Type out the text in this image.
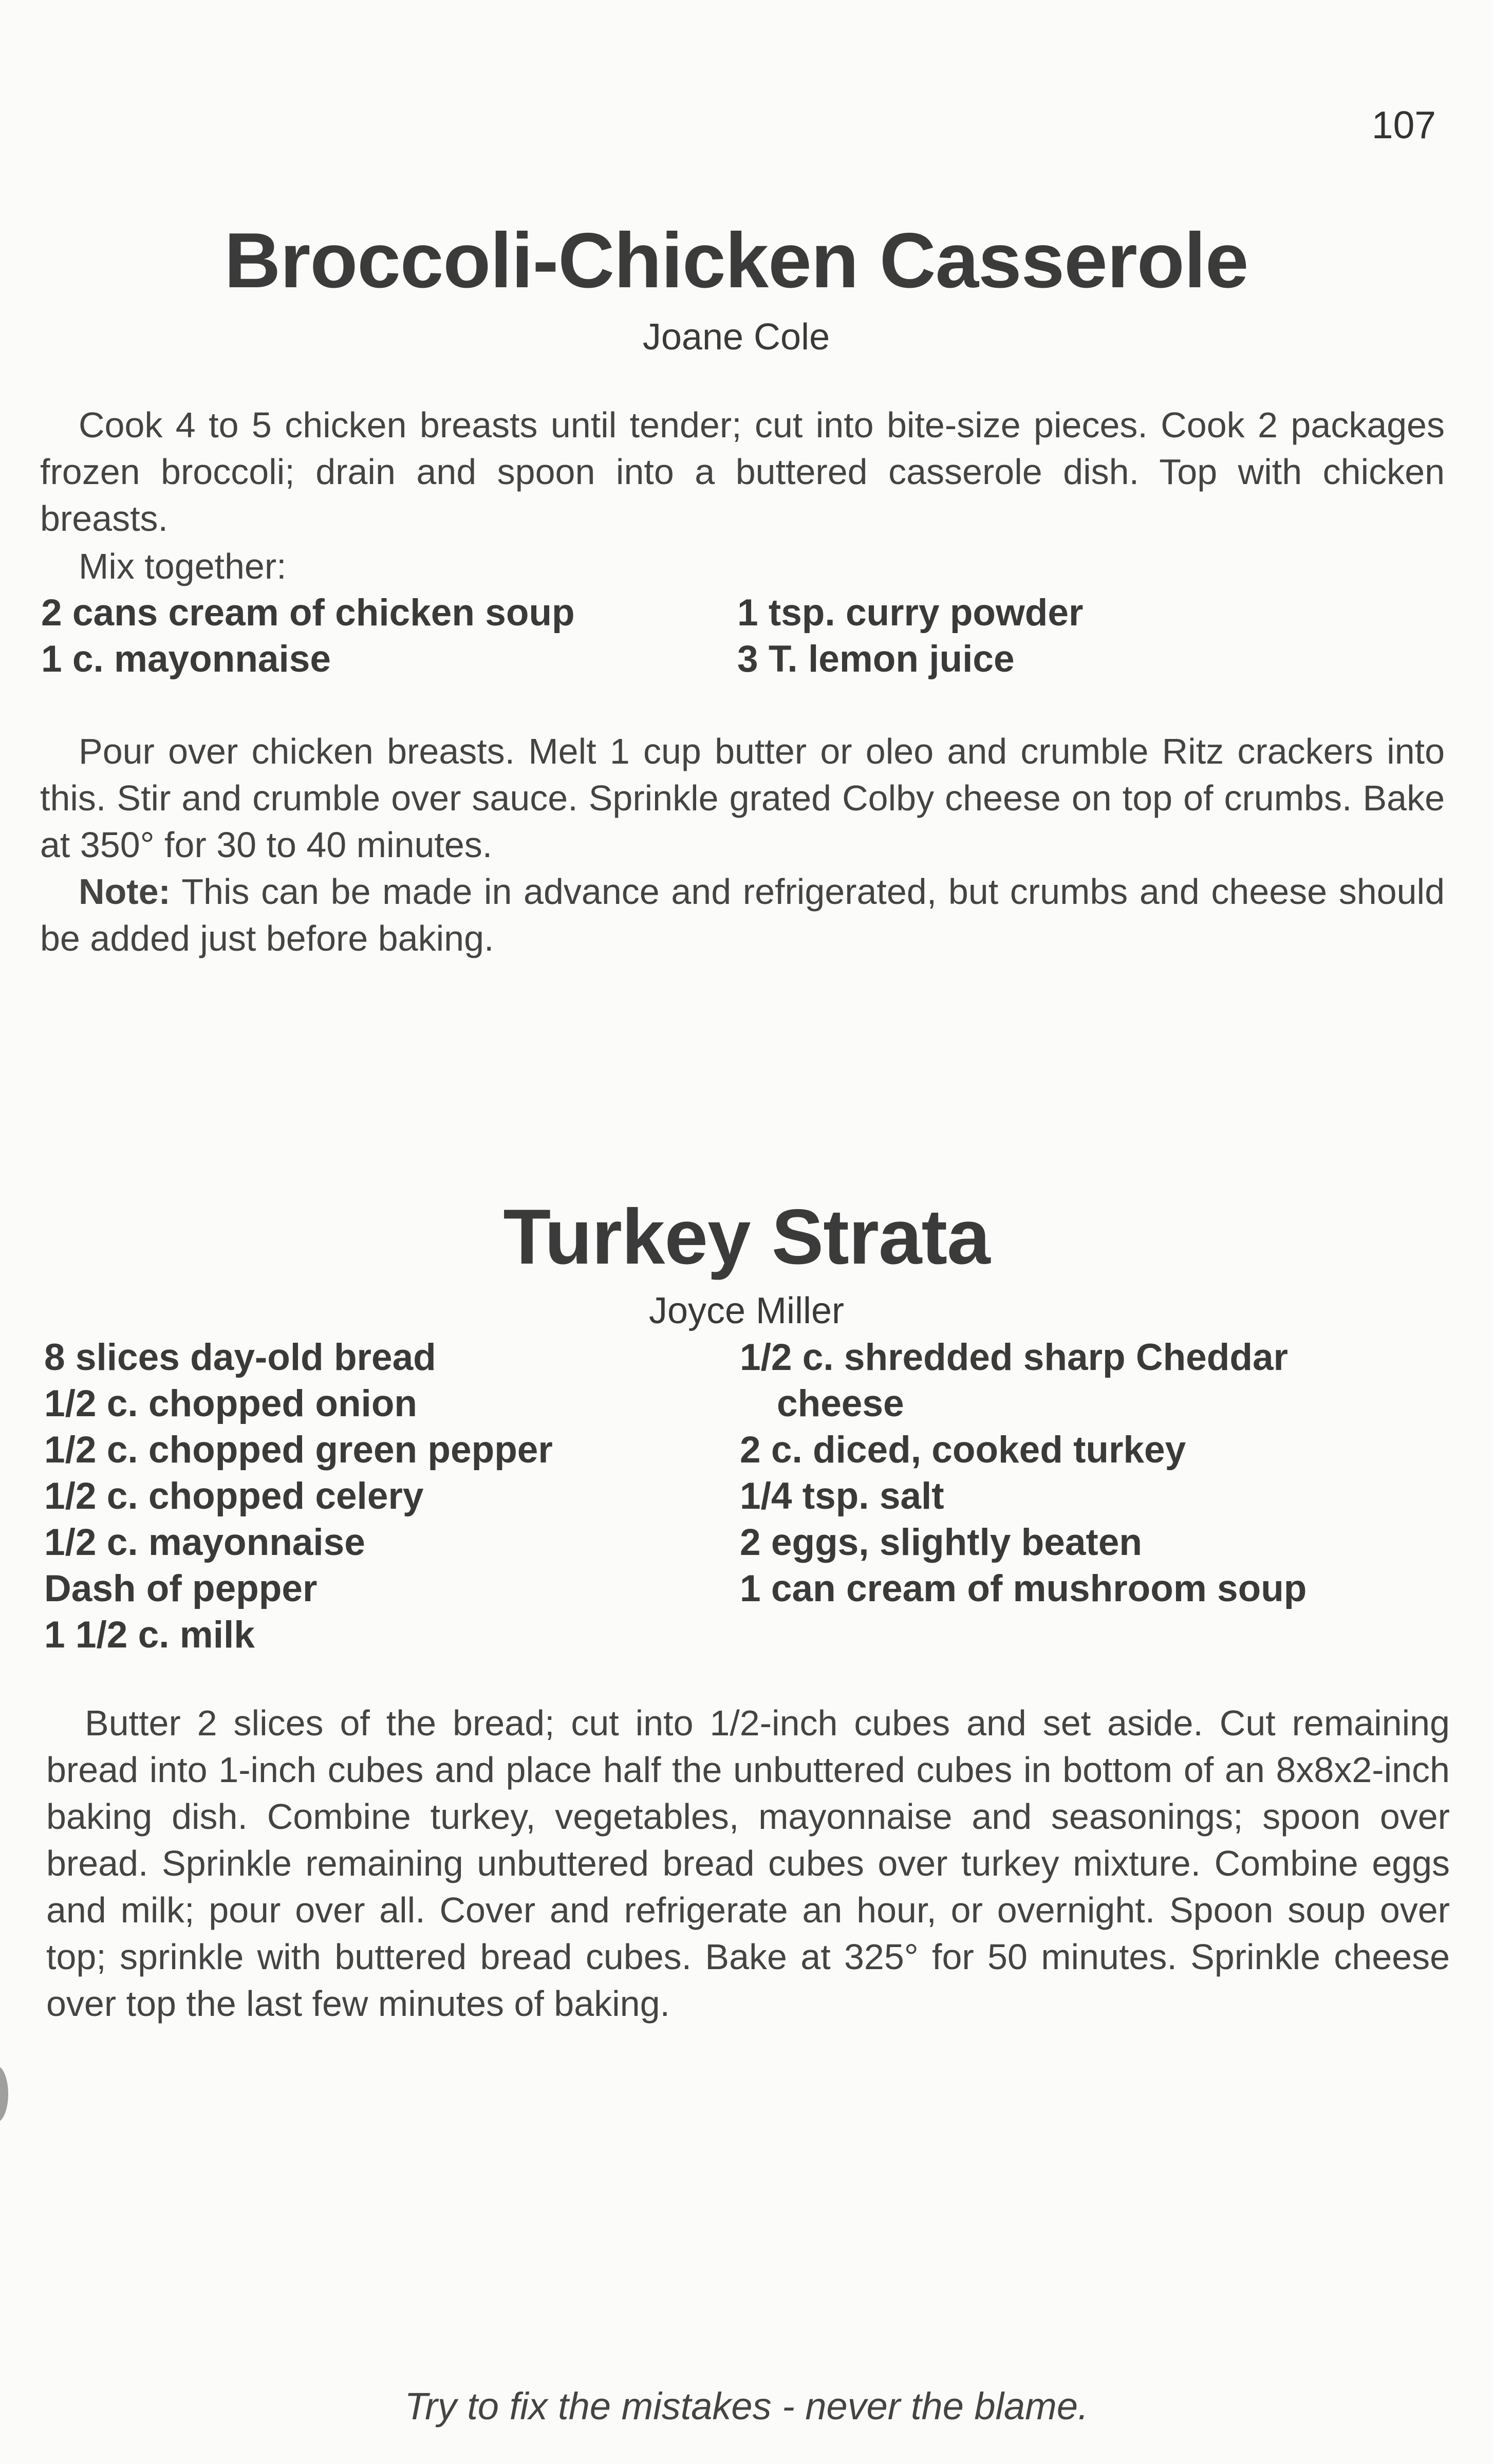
107
Broccoli-Chicken Casserole
Joane Cole
Cook 4 to 5 chicken breasts until tender; cut into bite-size pieces. Cook 2 packages frozen broccoli; drain and spoon into a buttered casserole dish. Top with chicken breasts.
Mix together:
2 cans cream of chicken soup
1 c. mayonnaise
1 tsp. curry powder
3 T. lemon juice
Pour over chicken breasts. Melt 1 cup butter or oleo and crumble Ritz crackers into this. Stir and crumble over sauce. Sprinkle grated Colby cheese on top of crumbs. Bake at 350° for 30 to 40 minutes.
Note: This can be made in advance and refrigerated, but crumbs and cheese should be added just before baking.
Turkey Strata
Joyce Miller
8 slices day-old bread
1/2 c. chopped onion
1/2 c. chopped green pepper
1/2 c. chopped celery
1/2 c. mayonnaise
Dash of pepper
1 1/2 c. milk
1/2 c. shredded sharp Cheddar
cheese
2 c. diced, cooked turkey
1/4 tsp. salt
2 eggs, slightly beaten
1 can cream of mushroom soup
Butter 2 slices of the bread; cut into 1/2-inch cubes and set aside. Cut remaining bread into 1-inch cubes and place half the unbuttered cubes in bottom of an 8x8x2-inch baking dish. Combine turkey, vegetables, mayonnaise and seasonings; spoon over bread. Sprinkle remaining unbuttered bread cubes over turkey mixture. Combine eggs and milk; pour over all. Cover and refrigerate an hour, or overnight. Spoon soup over top; sprinkle with buttered bread cubes. Bake at 325° for 50 minutes. Sprinkle cheese over top the last few minutes of baking.
Try to fix the mistakes - never the blame.
